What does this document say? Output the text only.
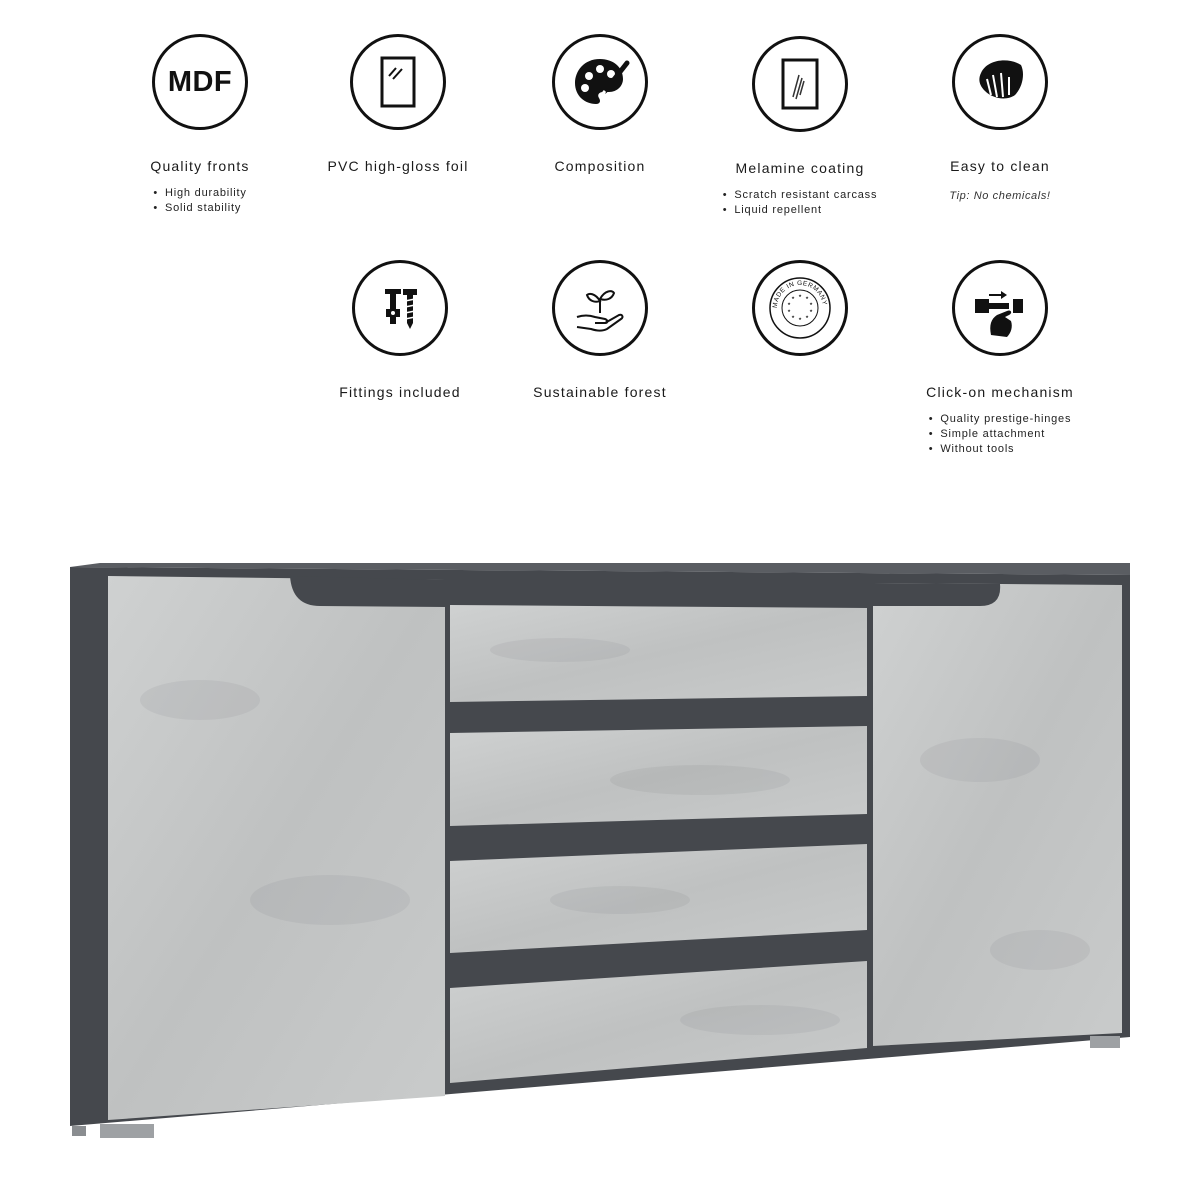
MDF
Quality fronts
• High durability
• Solid stability
PVC high-gloss foil	Composition	Melamine coating
• Scratch resistant carcass
• Liquid repellent
Easy to clean
Tip: No chemicals!
Fittings included	Sustainable forest
MADE IN GERMANY
★ ★
★
★
★
★
★
★
★
★
Click-on mechanism
• Quality prestige-hinges
• Simple attachment
• Without tools
